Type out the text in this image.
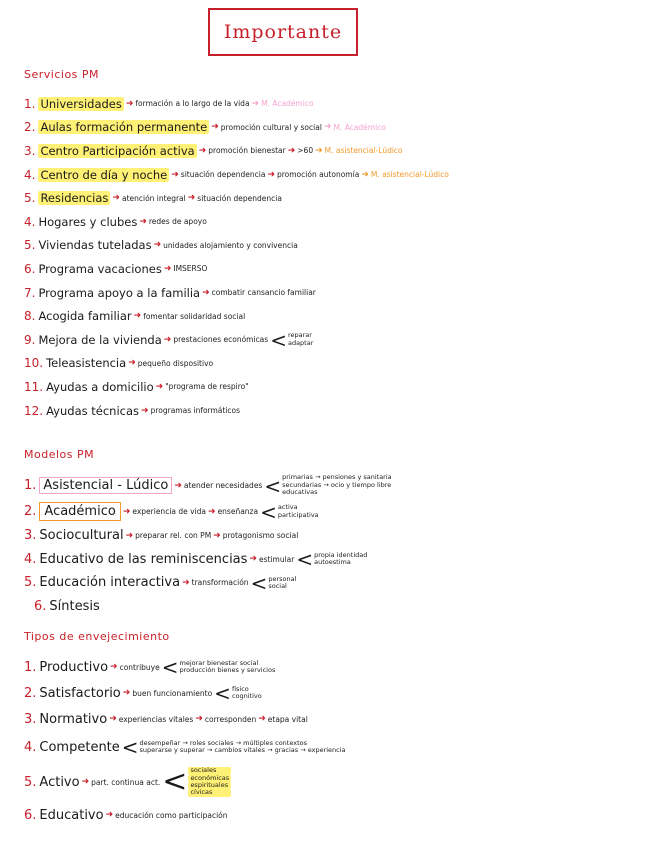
Importante
Servicios PM
1. Universidades ➜ formación a lo largo de la vida ➜ M. Académico
2. Aulas formación permanente ➜ promoción cultural y social ➜ M. Académico
3. Centro Participación activa ➜ promoción bienestar ➜ >60 ➜ M. asistencial-Lúdico
4. Centro de día y noche ➜ situación dependencia ➜ promoción autonomía ➜ M. asistencial-Lúdico
5. Residencias ➜ atención integral ➜ situación dependencia
4. Hogares y clubes ➜ redes de apoyo
5. Viviendas tuteladas ➜ unidades alojamiento y convivencia
6. Programa vacaciones ➜ IMSERSO
7. Programa apoyo a la familia ➜ combatir cansancio familiar
8. Acogida familiar ➜ fomentar solidaridad social
9. Mejora de la vivienda ➜ prestaciones económicas < reparar
adaptar
10. Teleasistencia ➜ pequeño dispositivo
11. Ayudas a domicilio ➜ "programa de respiro"
12. Ayudas técnicas ➜ programas informáticos
Modelos PM
1. Asistencial - Lúdico ➜ atender necesidades < primarias → pensiones y sanitaria
secundarias → ocio y tiempo libre
educativas
2. Académico ➜ experiencia de vida ➜ enseñanza < activa
participativa
3. Sociocultural ➜ preparar rel. con PM ➜ protagonismo social
4. Educativo de las reminiscencias ➜ estimular < propia identidad
autoestima
5. Educación interactiva ➜ transformación < personal
social
6. Síntesis
Tipos de envejecimiento
1. Productivo ➜ contribuye < mejorar bienestar social
producción bienes y servicios
2. Satisfactorio ➜ buen funcionamiento < físico
cognitivo
3. Normativo ➜ experiencias vitales ➜ corresponden ➜ etapa vital
4. Competente < desempeñar → roles sociales → múltiples contextos
superarse y superar → cambios vitales → gracias → experiencia
5. Activo ➜ part. continua act. < sociales
económicas
espirituales
cívicas
6. Educativo ➜ educación como participación
